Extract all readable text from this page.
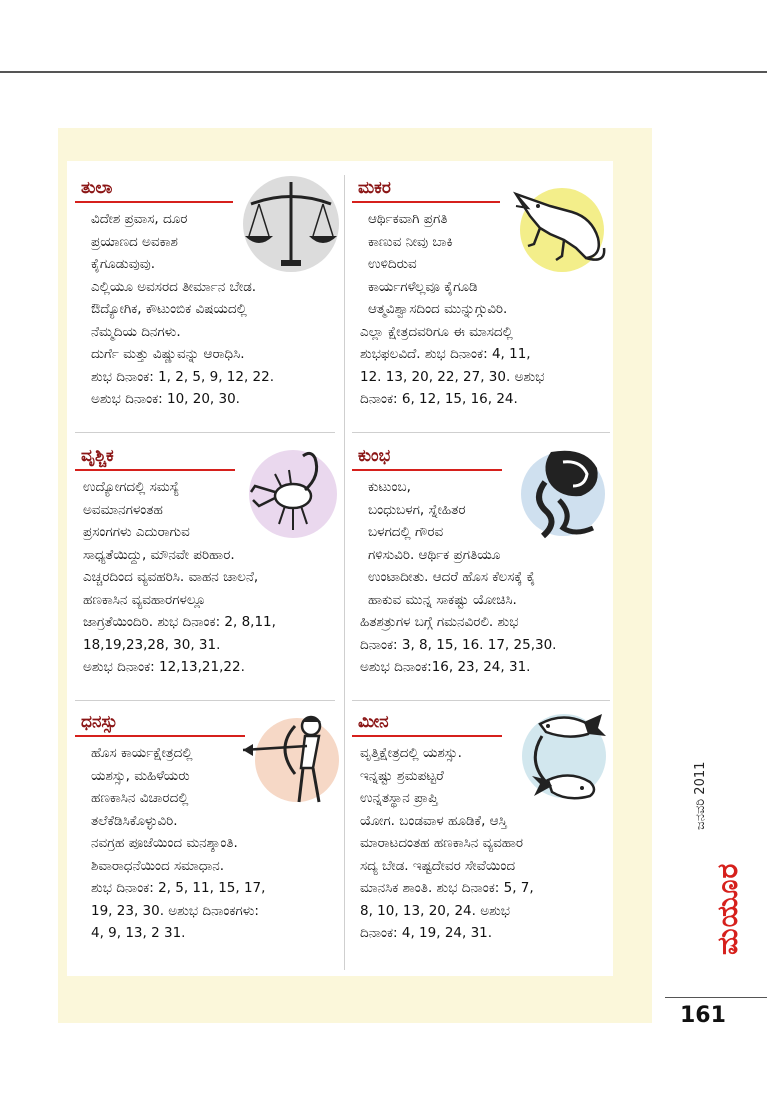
ತುಲಾ
ವಿದೇಶ ಪ್ರವಾಸ, ದೂರ
ಪ್ರಯಾಣದ ಅವಕಾಶ
ಕೈಗೂಡುವುವು.
ಎಲ್ಲಿಯೂ ಅವಸರದ ತೀರ್ಮಾನ ಬೇಡ.
ಔದ್ಯೋಗಿಕ, ಕೌಟುಂಬಿಕ ವಿಷಯದಲ್ಲಿ
ನೆಮ್ಮದಿಯ ದಿನಗಳು.
ದುರ್ಗೆ ಮತ್ತು ವಿಷ್ಣುವನ್ನು ಆರಾಧಿಸಿ.
ಶುಭ ದಿನಾಂಕ: 1, 2, 5, 9, 12, 22.
ಅಶುಭ ದಿನಾಂಕ: 10, 20, 30.
ಮಕರ
ಆರ್ಥಿಕವಾಗಿ ಪ್ರಗತಿ
ಕಾಣುವ ನೀವು ಬಾಕಿ
ಉಳಿದಿರುವ
ಕಾರ್ಯಗಳೆಲ್ಲವೂ ಕೈಗೂಡಿ
ಆತ್ಮವಿಶ್ವಾಸದಿಂದ ಮುನ್ನುಗ್ಗುವಿರಿ.
ಎಲ್ಲಾ ಕ್ಷೇತ್ರದವರಿಗೂ ಈ ಮಾಸದಲ್ಲಿ
ಶುಭಫಲವಿದೆ. ಶುಭ ದಿನಾಂಕ: 4, 11,
12. 13, 20, 22, 27, 30. ಅಶುಭ
ದಿನಾಂಕ: 6, 12, 15, 16, 24.
ವೃಶ್ಚಿಕ
ಉದ್ಯೋಗದಲ್ಲಿ ಸಮಸ್ಯೆ
ಅವಮಾನಗಳಂತಹ
ಪ್ರಸಂಗಗಳು ಎದುರಾಗುವ
ಸಾಧ್ಯತೆಯಿದ್ದು, ಮೌನವೇ ಪರಿಹಾರ.
ಎಚ್ಚರದಿಂದ ವ್ಯವಹರಿಸಿ. ವಾಹನ ಚಾಲನೆ,
ಹಣಕಾಸಿನ ವ್ಯವಹಾರಗಳಲ್ಲೂ
ಜಾಗ್ರತೆಯಿಂದಿರಿ. ಶುಭ ದಿನಾಂಕ: 2, 8,11,
18,19,23,28, 30, 31.
ಅಶುಭ ದಿನಾಂಕ: 12,13,21,22.
ಕುಂಭ
ಕುಟುಂಬ,
ಬಂಧುಬಳಗ, ಸ್ನೇಹಿತರ
ಬಳಗದಲ್ಲಿ ಗೌರವ
ಗಳಿಸುವಿರಿ. ಆರ್ಥಿಕ ಪ್ರಗತಿಯೂ
ಉಂಟಾದೀತು. ಆದರೆ ಹೊಸ ಕೆಲಸಕ್ಕೆ ಕೈ
ಹಾಕುವ ಮುನ್ನ ಸಾಕಷ್ಟು ಯೋಚಿಸಿ.
ಹಿತಶತ್ರುಗಳ ಬಗ್ಗೆ ಗಮನವಿರಲಿ. ಶುಭ
ದಿನಾಂಕ: 3, 8, 15, 16. 17, 25,30.
ಅಶುಭ ದಿನಾಂಕ:16, 23, 24, 31.
ಧನಸ್ಸು
ಹೊಸ ಕಾರ್ಯಕ್ಷೇತ್ರದಲ್ಲಿ
ಯಶಸ್ಸು, ಮಹಿಳೆಯರು
ಹಣಕಾಸಿನ ವಿಚಾರದಲ್ಲಿ
ತಲೆಕೆಡಿಸಿಕೊಳ್ಳುವಿರಿ.
ನವಗ್ರಹ ಪೂಜೆಯಿಂದ ಮನಶ್ಶಾಂತಿ.
ಶಿವಾರಾಧನೆಯಿಂದ ಸಮಾಧಾನ.
ಶುಭ ದಿನಾಂಕ: 2, 5, 11, 15, 17,
19, 23, 30. ಅಶುಭ ದಿನಾಂಕಗಳು:
4, 9, 13, 2 31.
ಮೀನ
ವೃತ್ತಿಕ್ಷೇತ್ರದಲ್ಲಿ ಯಶಸ್ಸು.
ಇನ್ನಷ್ಟು ಶ್ರಮಪಟ್ಟರೆ
ಉನ್ನತಸ್ಥಾನ ಪ್ರಾಪ್ತಿ
ಯೋಗ. ಬಂಡವಾಳ ಹೂಡಿಕೆ, ಆಸ್ತಿ
ಮಾರಾಟದಂತಹ ಹಣಕಾಸಿನ ವ್ಯವಹಾರ
ಸದ್ಯ ಬೇಡ. ಇಷ್ಟದೇವರ ಸೇವೆಯಿಂದ
ಮಾನಸಿಕ ಶಾಂತಿ. ಶುಭ ದಿನಾಂಕ: 5, 7,
8, 10, 13, 20, 24. ಅಶುಭ
ದಿನಾಂಕ: 4, 19, 24, 31.
ಜನವರಿ 2011
ಮಯೂರ
161
